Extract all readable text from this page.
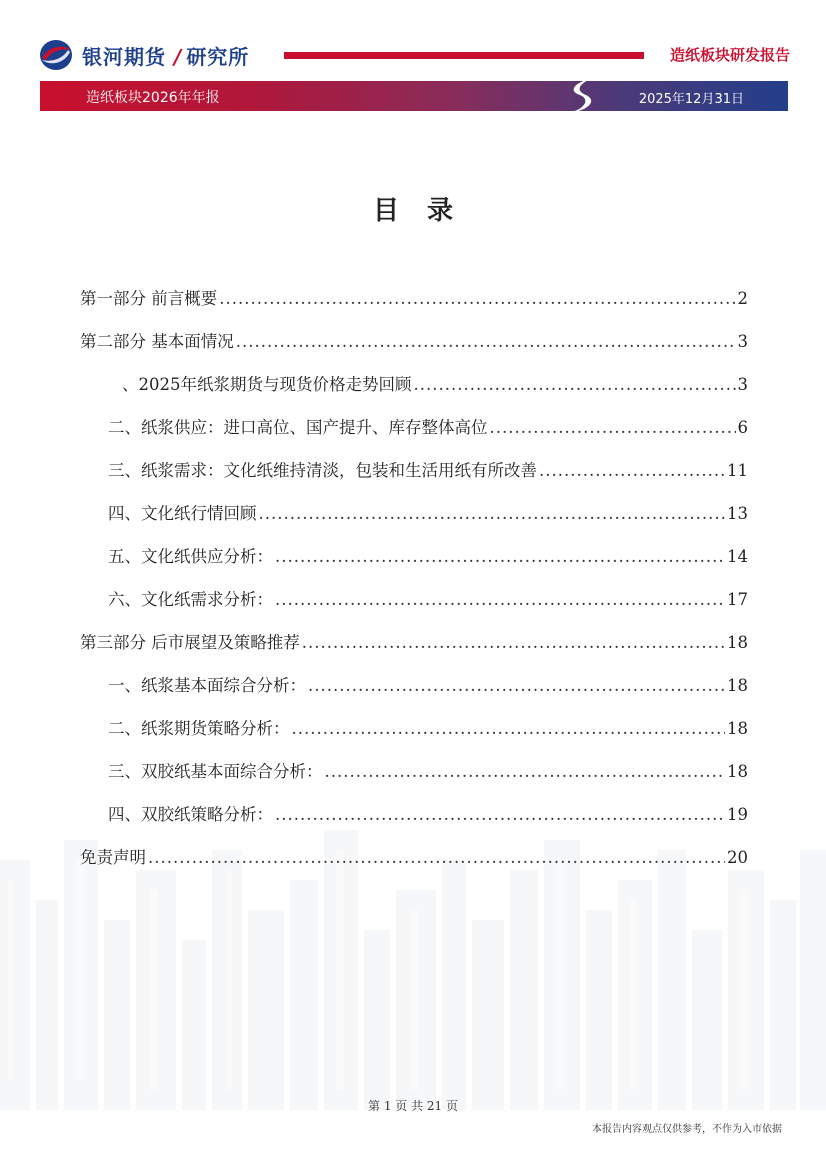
银河期货 / 研究所	造纸板块研发报告
造纸板块2026年年报	2025年12月31日
目录
第一部分 前言概要 .....	2
第二部分 基本面情况 .....	3
、2025年纸浆期货与现货价格走势回顾 .....	3
二、纸浆供应：进口高位、国产提升、库存整体高位 .....	6
三、纸浆需求：文化纸维持清淡，包装和生活用纸有所改善 .....	11
四、文化纸行情回顾 .....	13
五、文化纸供应分析： .....	14
六、文化纸需求分析： .....	17
第三部分 后市展望及策略推荐 .....	18
一、纸浆基本面综合分析： .....	18
二、纸浆期货策略分析： .....	18
三、双胶纸基本面综合分析： .....	18
四、双胶纸策略分析： .....	19
免责声明 .....	20
第 1 页 共 21 页
本报告内容观点仅供参考，不作为入市依据
